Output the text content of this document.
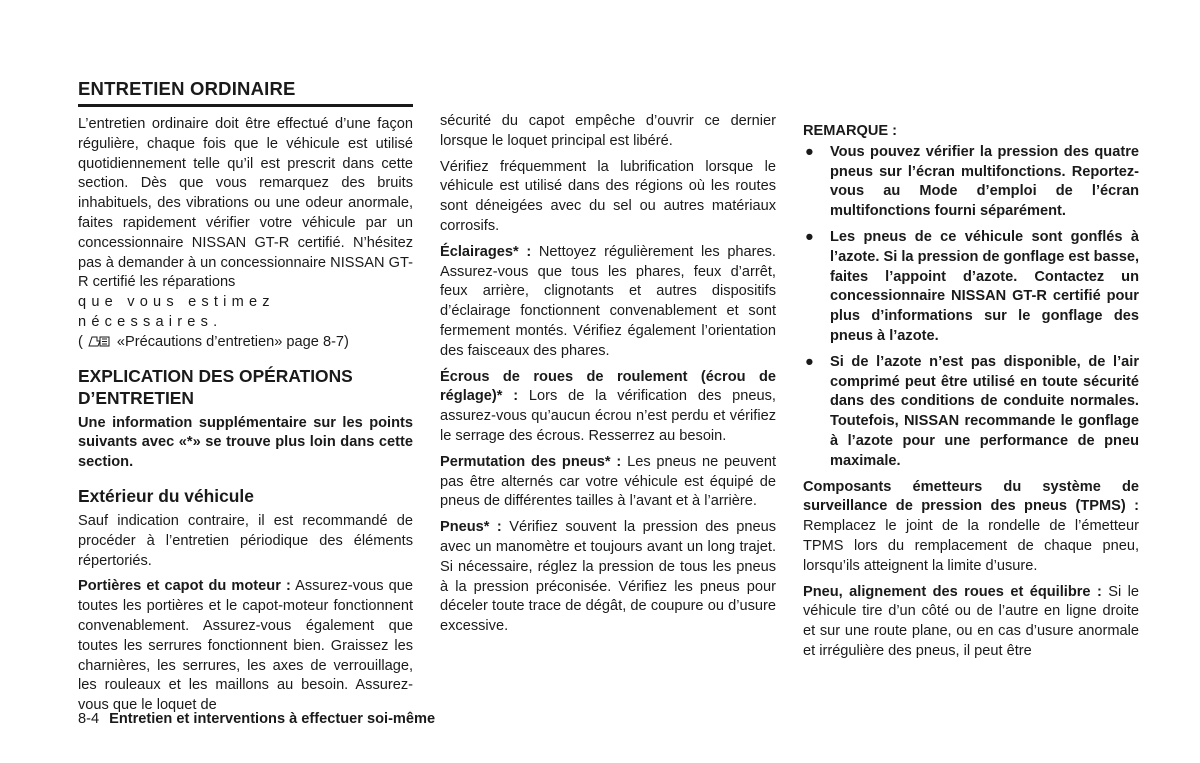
ENTRETIEN ORDINAIRE

L’entretien ordinaire doit être effectué d’une façon régulière, chaque fois que le véhicule est utilisé quotidiennement telle qu’il est prescrit dans cette section. Dès que vous remarquez des bruits inhabituels, des vibrations ou une odeur anormale, faites rapidement vérifier votre véhicule par un concessionnaire NISSAN GT-R certifié. N’hésitez pas à demander à un concessionnaire NISSAN GT-R certifié les réparations
que vous estimez nécessaires.
( «Précautions d’entretien» page 8-7)

EXPLICATION DES OPÉRATIONS D’ENTRETIEN

Une information supplémentaire sur les points suivants avec «*» se trouve plus loin dans cette section.

Extérieur du véhicule

Sauf indication contraire, il est recommandé de procéder à l’entretien périodique des éléments répertoriés.

Portières et capot du moteur : Assurez-vous que toutes les portières et le capot-moteur fonctionnent convenablement. Assurez-vous également que toutes les serrures fonctionnent bien. Graissez les charnières, les serrures, les axes de verrouillage, les rouleaux et les maillons au besoin. Assurez-vous que le loquet de

sécurité du capot empêche d’ouvrir ce dernier lorsque le loquet principal est libéré.

Vérifiez fréquemment la lubrification lorsque le véhicule est utilisé dans des régions où les routes sont déneigées avec du sel ou autres matériaux corrosifs.

Éclairages* : Nettoyez régulièrement les phares. Assurez-vous que tous les phares, feux d’arrêt, feux arrière, clignotants et autres dispositifs d’éclairage fonctionnent convenablement et sont fermement montés. Vérifiez également l’orientation des faisceaux des phares.

Écrous de roues de roulement (écrou de réglage)* : Lors de la vérification des pneus, assurez-vous qu’aucun écrou n’est perdu et vérifiez le serrage des écrous. Resserrez au besoin.

Permutation des pneus* : Les pneus ne peuvent pas être alternés car votre véhicule est équipé de pneus de différentes tailles à l’avant et à l’arrière.

Pneus* : Vérifiez souvent la pression des pneus avec un manomètre et toujours avant un long trajet. Si nécessaire, réglez la pression de tous les pneus à la pression préconisée. Vérifiez les pneus pour déceler toute trace de dégât, de coupure ou d’usure excessive.

REMARQUE :

● Vous pouvez vérifier la pression des quatre pneus sur l’écran multifonctions. Reportez-vous au Mode d’emploi de l’écran multifonctions fourni séparément.
● Les pneus de ce véhicule sont gonflés à l’azote. Si la pression de gonflage est basse, faites l’appoint d’azote. Contactez un concessionnaire NISSAN GT-R certifié pour plus d’informations sur le gonflage des pneus à l’azote.
● Si de l’azote n’est pas disponible, de l’air comprimé peut être utilisé en toute sécurité dans des conditions de conduite normales. Toutefois, NISSAN recommande le gonflage à l’azote pour une performance de pneu maximale.

Composants émetteurs du système de surveillance de pression des pneus (TPMS) : Remplacez le joint de la rondelle de l’émetteur TPMS lors du remplacement de chaque pneu, lorsqu’ils atteignent la limite d’usure.

Pneu, alignement des roues et équilibre : Si le véhicule tire d’un côté ou de l’autre en ligne droite et sur une route plane, ou en cas d’usure anormale et irrégulière des pneus, il peut être

8-4 Entretien et interventions à effectuer soi-même
